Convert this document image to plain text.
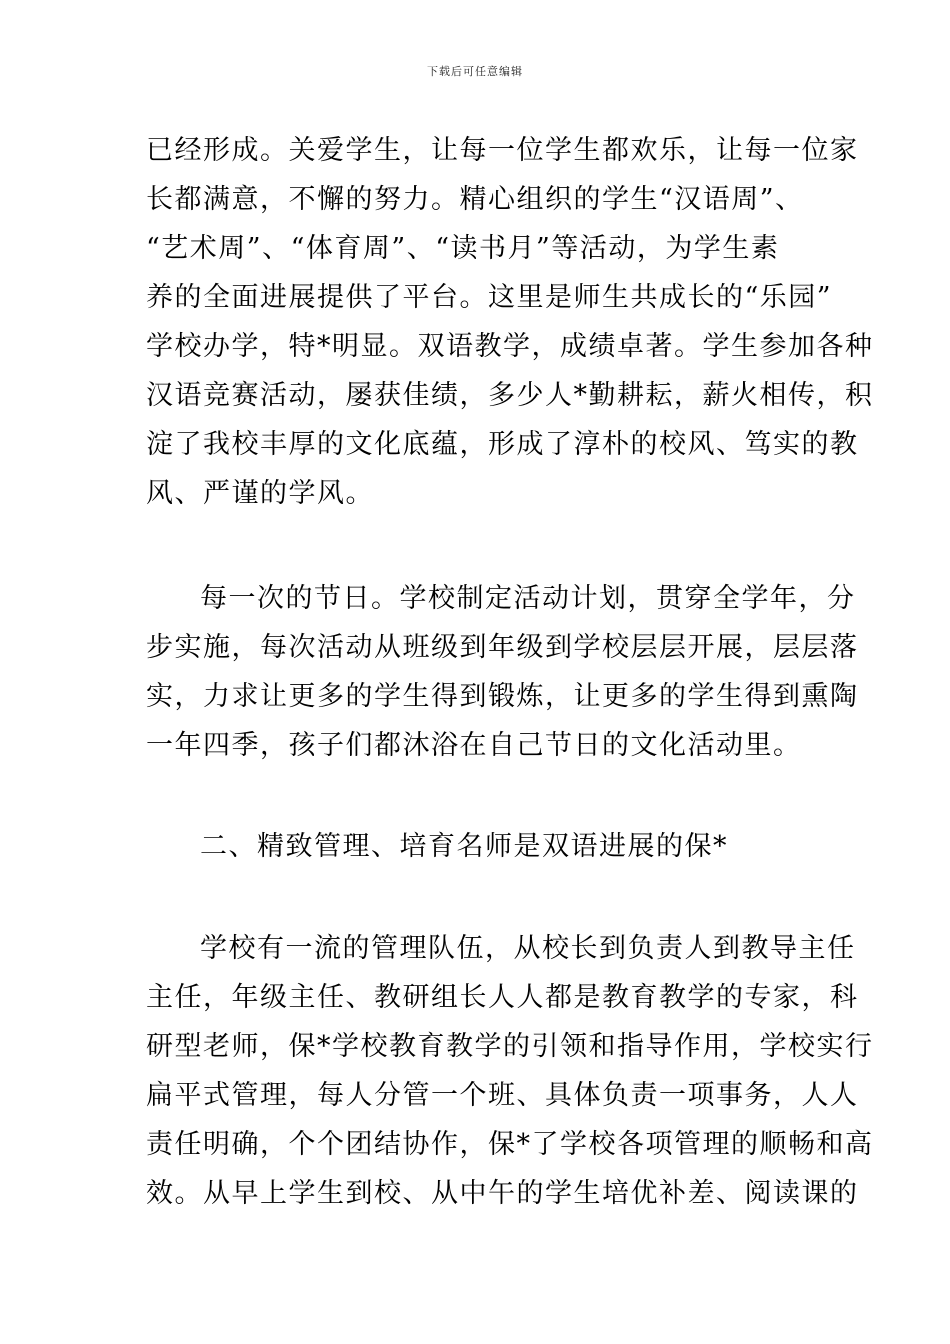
下载后可任意编辑
已经形成。关爱学生，让每一位学生都欢乐，让每一位家
长都满意，不懈的努力。精心组织的学生“汉语周”、
“艺术周”、“体育周”、“读书月”等活动，为学生素
养的全面进展提供了平台。这里是师生共成长的“乐园”
学校办学，特*明显。双语教学，成绩卓著。学生参加各种
汉语竞赛活动，屡获佳绩，多少人*勤耕耘，薪火相传，积
淀了我校丰厚的文化底蕴，形成了淳朴的校风、笃实的教
风、严谨的学风。
每一次的节日。学校制定活动计划，贯穿全学年，分
步实施，每次活动从班级到年级到学校层层开展，层层落
实，力求让更多的学生得到锻炼，让更多的学生得到熏陶
一年四季，孩子们都沐浴在自己节日的文化活动里。
二、精致管理、培育名师是双语进展的保*
学校有一流的管理队伍，从校长到负责人到教导主任
主任，年级主任、教研组长人人都是教育教学的专家，科
研型老师，保*学校教育教学的引领和指导作用，学校实行
扁平式管理，每人分管一个班、具体负责一项事务，人人
责任明确，个个团结协作，保*了学校各项管理的顺畅和高
效。从早上学生到校、从中午的学生培优补差、阅读课的
